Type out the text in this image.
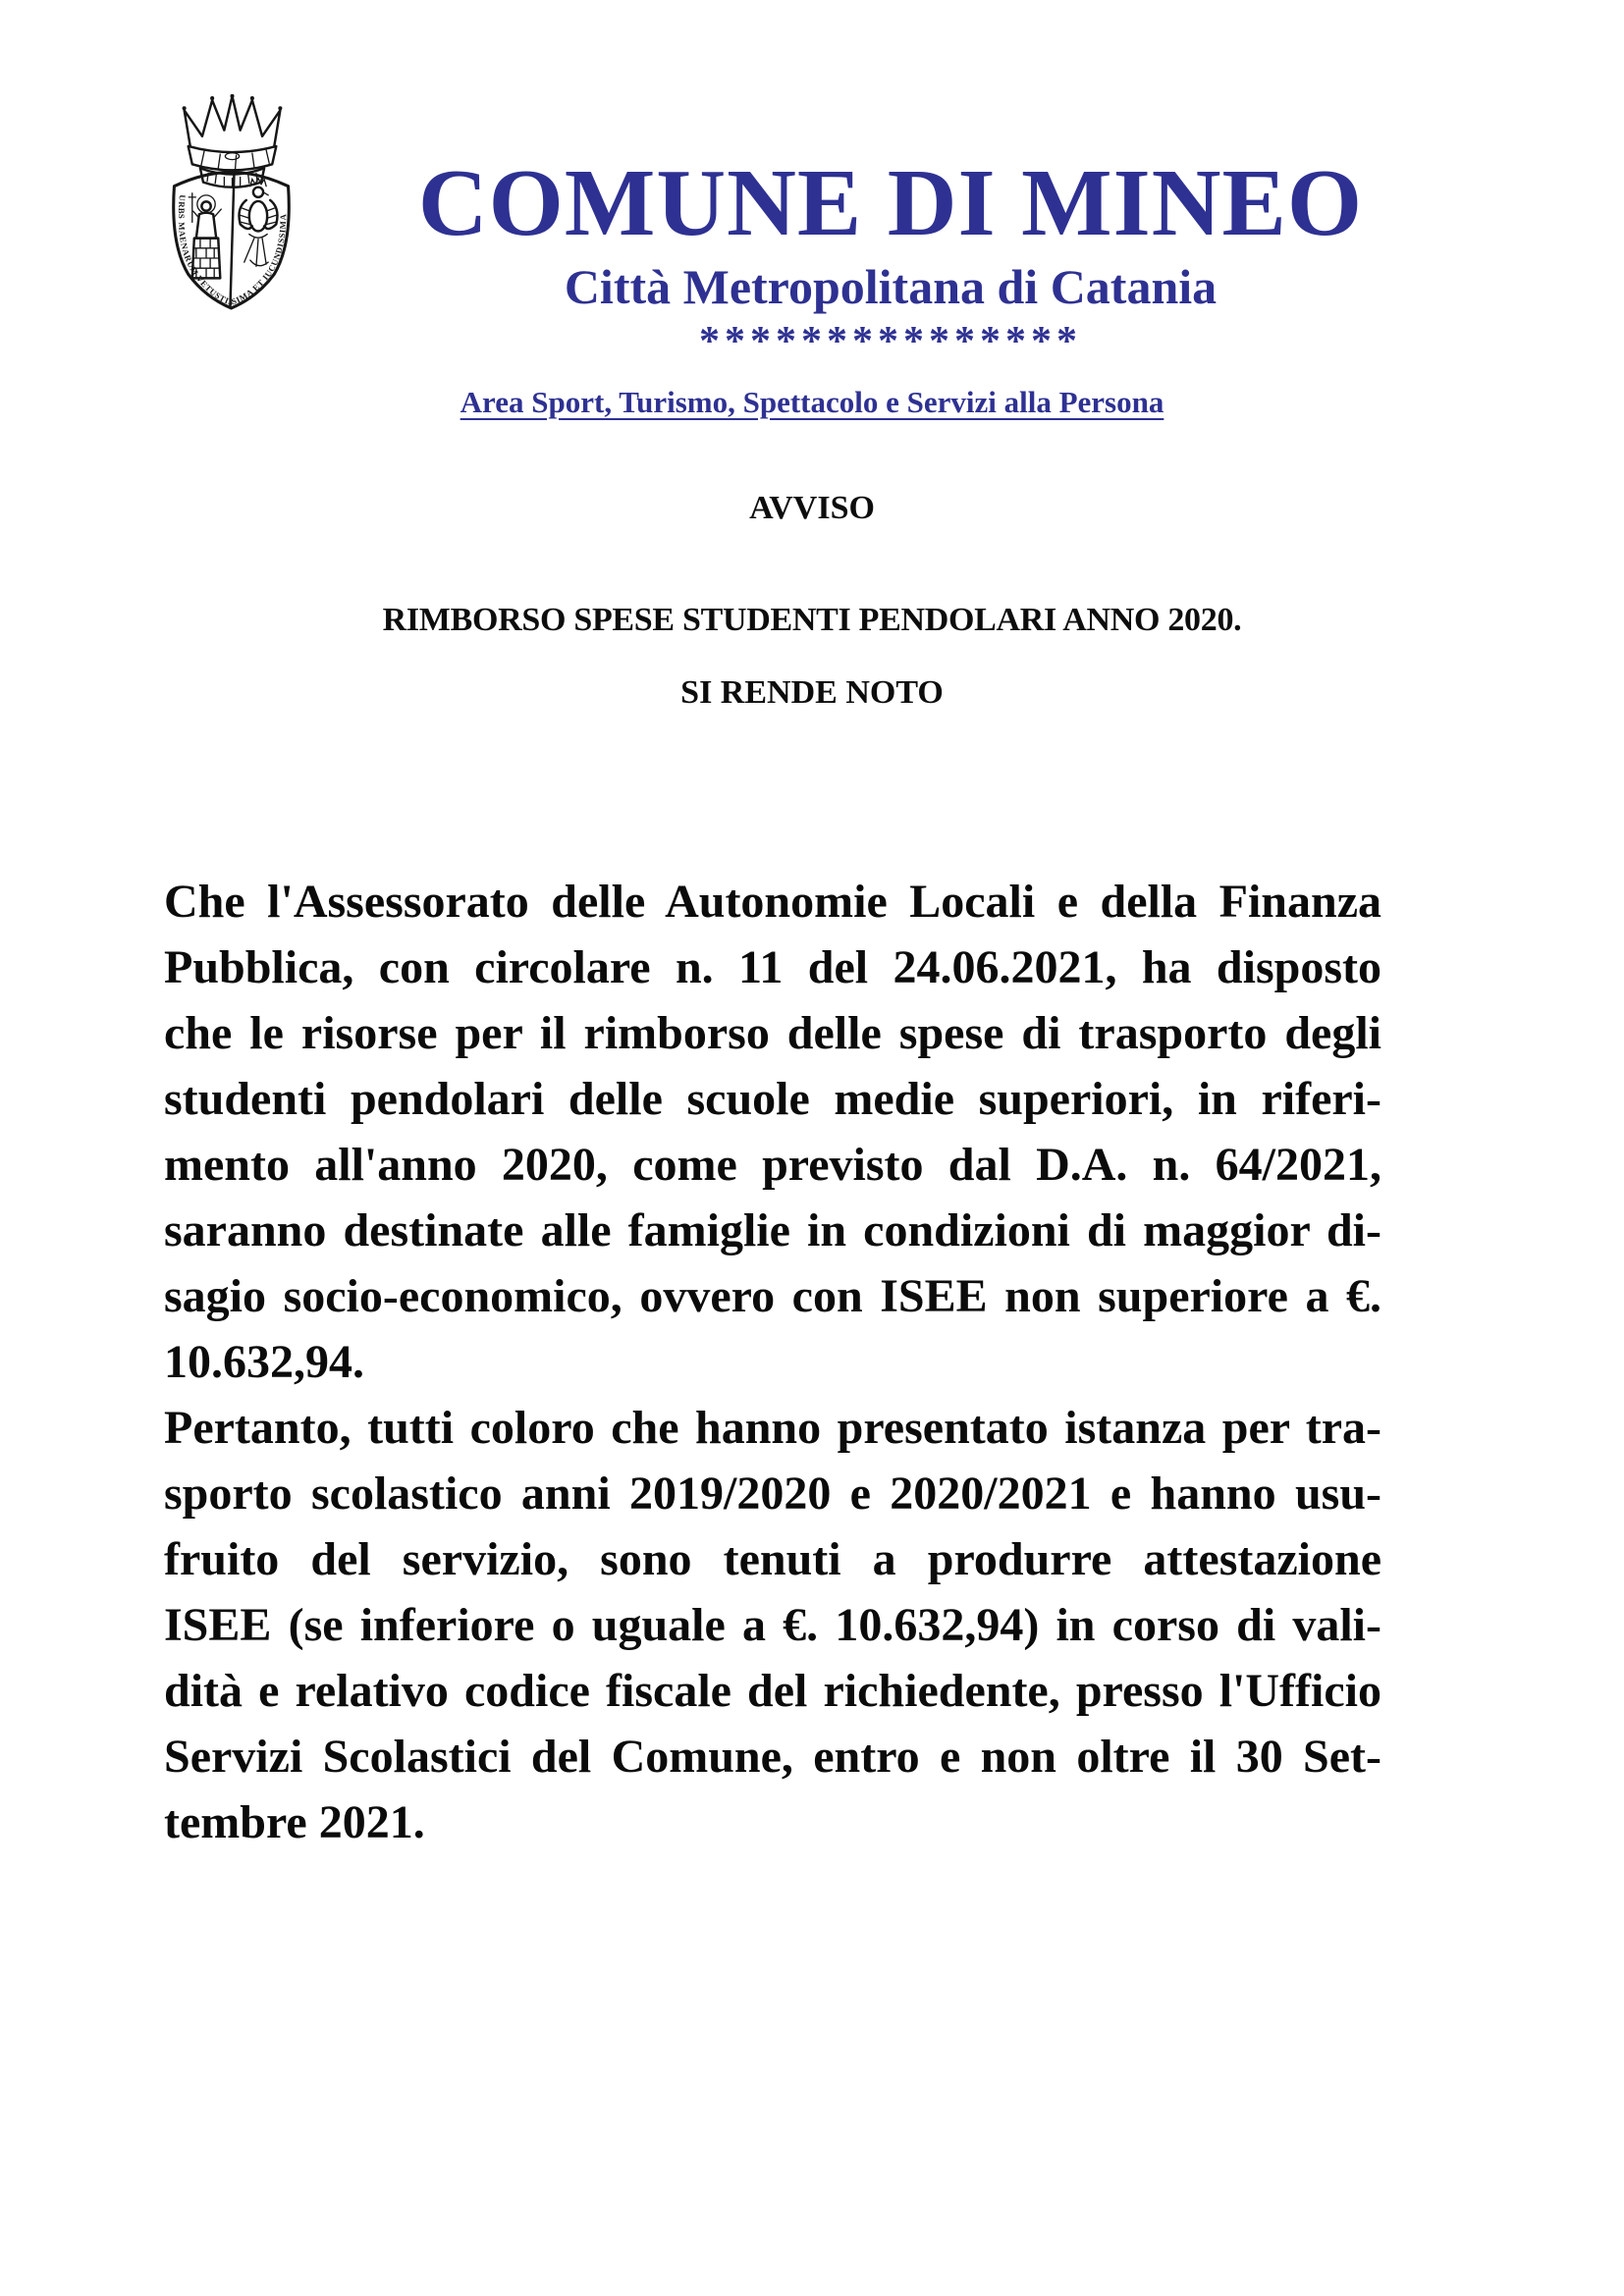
URBS MAENARUM VETUSTISSIMA ET IUCUNDISSIMA	COMUNE DI MINEO
Città Metropolitana di Catania
***************
Area Sport, Turismo, Spettacolo e Servizi alla Persona
AVVISO
RIMBORSO SPESE STUDENTI PENDOLARI ANNO 2020.
SI RENDE NOTO
Che l'Assessorato delle Autonomie Locali e della Finanza
Pubblica, con circolare n. 11 del 24.06.2021, ha disposto
che le risorse per il rimborso delle spese di trasporto degli
studenti pendolari delle scuole medie superiori, in riferi-
mento all'anno 2020, come previsto dal D.A. n. 64/2021,
saranno destinate alle famiglie in condizioni di maggior di-
sagio socio-economico, ovvero con ISEE non superiore a €.
10.632,94.
Pertanto, tutti coloro che hanno presentato istanza per tra-
sporto scolastico anni 2019/2020 e 2020/2021 e hanno usu-
fruito del servizio, sono tenuti a produrre attestazione
ISEE (se inferiore o uguale a €. 10.632,94) in corso di vali-
dità e relativo codice fiscale del richiedente, presso l'Ufficio
Servizi Scolastici del Comune, entro e non oltre il 30 Set-
tembre 2021.
